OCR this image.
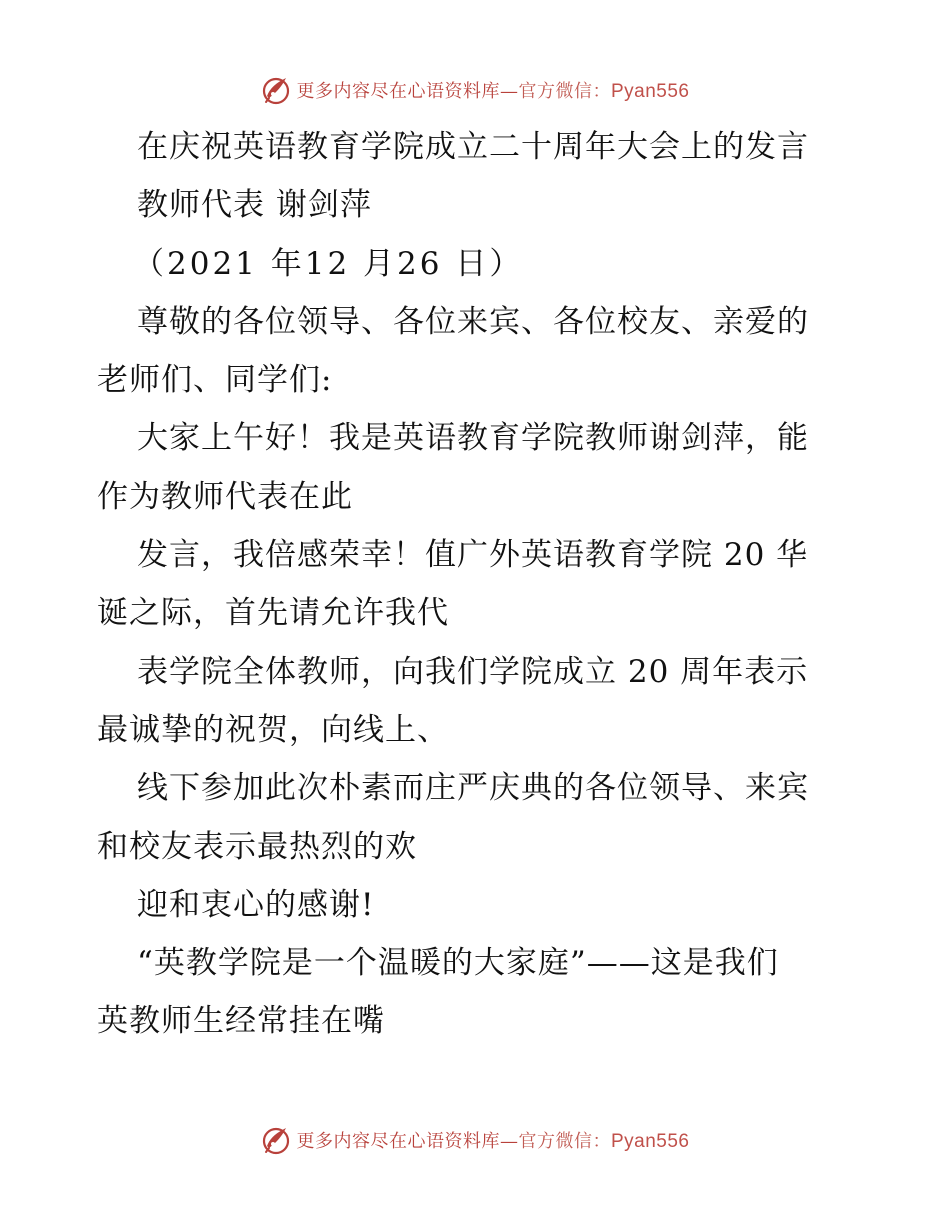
更多内容尽在心语资料库—官方微信：Pyan556
在庆祝英语教育学院成立二十周年大会上的发言
教师代表 谢剑萍
（2021 年12 月26 日）
尊敬的各位领导、各位来宾、各位校友、亲爱的
老师们、同学们:
大家上午好！我是英语教育学院教师谢剑萍，能
作为教师代表在此
发言，我倍感荣幸！值广外英语教育学院 20 华
诞之际，首先请允许我代
表学院全体教师，向我们学院成立 20 周年表示
最诚挚的祝贺，向线上、
线下参加此次朴素而庄严庆典的各位领导、来宾
和校友表示最热烈的欢
迎和衷心的感谢!
“英教学院是一个温暖的大家庭”——这是我们
英教师生经常挂在嘴
更多内容尽在心语资料库—官方微信：Pyan556
